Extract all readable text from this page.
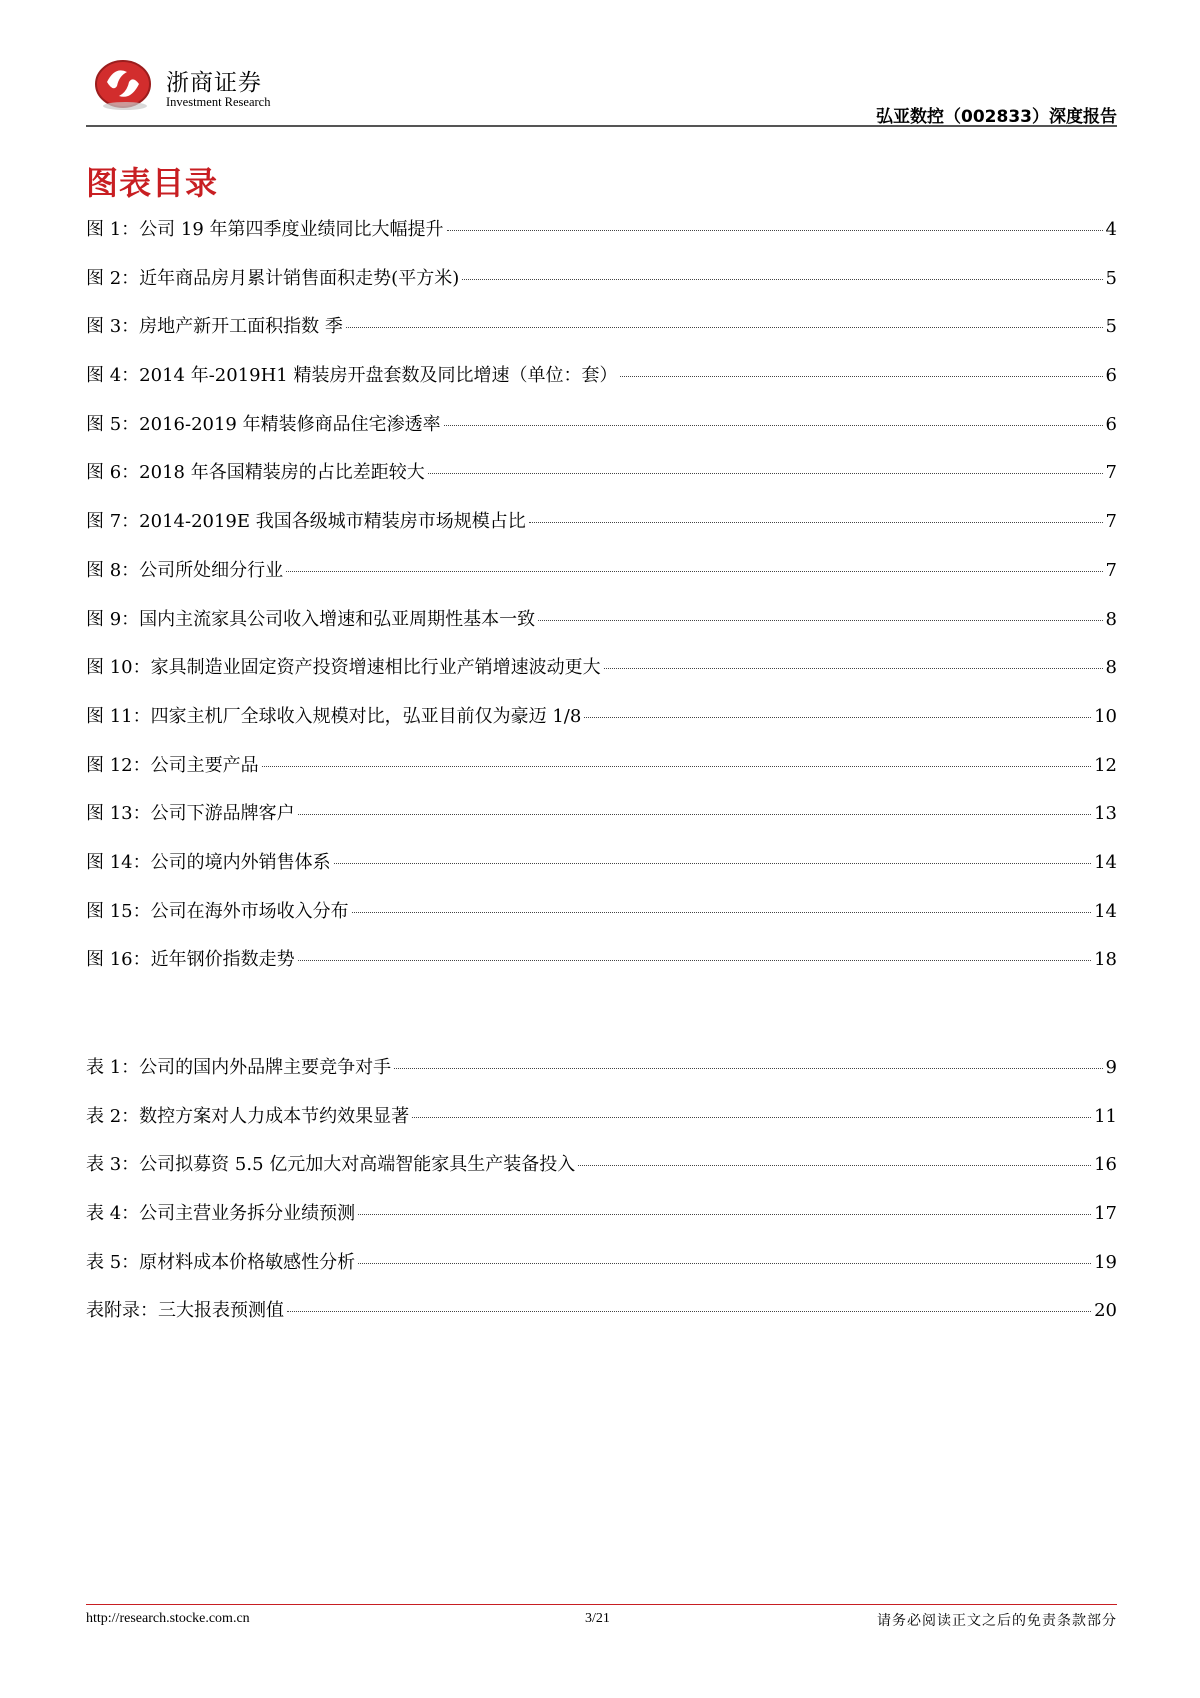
浙商证券
Investment Research
弘亚数控（002833）深度报告
图表目录
图 1：公司 19 年第四季度业绩同比大幅提升	4
图 2：近年商品房月累计销售面积走势(平方米)	5
图 3：房地产新开工面积指数 季	5
图 4：2014 年-2019H1 精装房开盘套数及同比增速（单位：套）	6
图 5：2016-2019 年精装修商品住宅渗透率	6
图 6：2018 年各国精装房的占比差距较大	7
图 7：2014-2019E 我国各级城市精装房市场规模占比	7
图 8：公司所处细分行业	7
图 9：国内主流家具公司收入增速和弘亚周期性基本一致	8
图 10：家具制造业固定资产投资增速相比行业产销增速波动更大	8
图 11：四家主机厂全球收入规模对比，弘亚目前仅为豪迈 1/8	10
图 12：公司主要产品	12
图 13：公司下游品牌客户	13
图 14：公司的境内外销售体系	14
图 15：公司在海外市场收入分布	14
图 16：近年钢价指数走势	18
表 1：公司的国内外品牌主要竞争对手	9
表 2：数控方案对人力成本节约效果显著	11
表 3：公司拟募资 5.5 亿元加大对高端智能家具生产装备投入	16
表 4：公司主营业务拆分业绩预测	17
表 5：原材料成本价格敏感性分析	19
表附录：三大报表预测值	20
http://research.stocke.com.cn	3/21	请务必阅读正文之后的免责条款部分
